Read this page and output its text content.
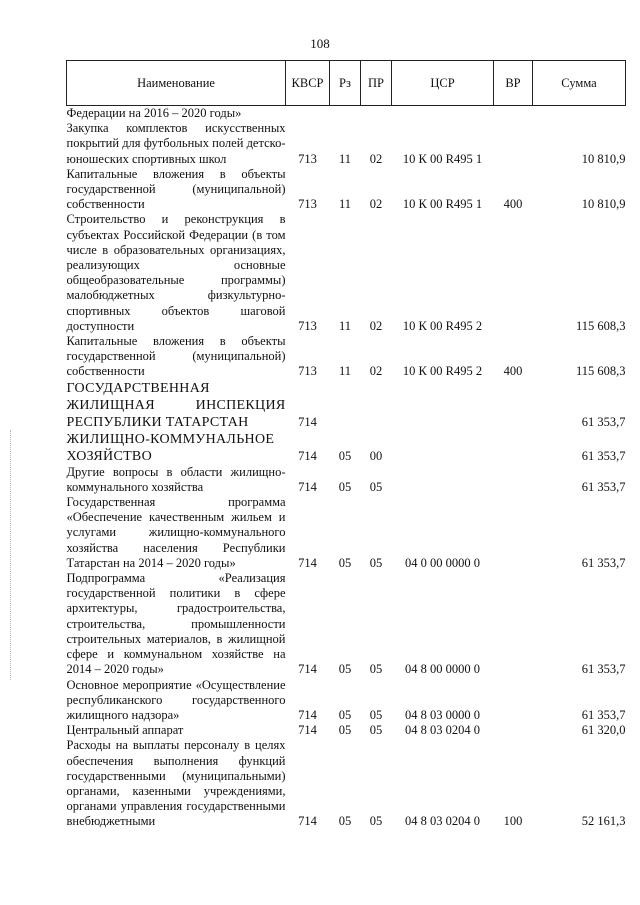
108
Наименование	КВСР	Рз	ПР	ЦСР	ВР	Сумма
Федерации на 2016 – 2020 годы»						
Закупка комплектов искусственных покрытий для футбольных полей детско-юношеских спортивных школ	713	11	02	10 К 00 R495 1		10 810,9
Капитальные вложения в объекты государственной (муниципальной) собственности	713	11	02	10 К 00 R495 1	400	10 810,9
Строительство и реконструкция в субъектах Российской Федерации (в том числе в образовательных организациях, реализующих основные общеобразовательные программы) малобюджетных физкультурно-спортивных объектов шаговой доступности	713	11	02	10 К 00 R495 2		115 608,3
Капитальные вложения в объекты государственной (муниципальной) собственности	713	11	02	10 К 00 R495 2	400	115 608,3
ГОСУДАРСТВЕННАЯ ЖИЛИЩНАЯ ИНСПЕКЦИЯ РЕСПУБЛИКИ ТАТАРСТАН	714					61 353,7
ЖИЛИЩНО-КОММУНАЛЬНОЕ ХОЗЯЙСТВО	714	05	00			61 353,7
Другие вопросы в области жилищно-коммунального хозяйства	714	05	05			61 353,7
Государственная программа «Обеспечение качественным жильем и услугами жилищно-коммунального хозяйства населения Республики Татарстан на 2014 – 2020 годы»	714	05	05	04 0 00 0000 0		61 353,7
Подпрограмма «Реализация государственной политики в сфере архитектуры, градостроительства, строительства, промышленности строительных материалов, в жилищной сфере и коммунальном хозяйстве на 2014 – 2020 годы»	714	05	05	04 8 00 0000 0		61 353,7
Основное мероприятие «Осуществление республиканского государственного жилищного надзора»	714	05	05	04 8 03 0000 0		61 353,7
Центральный аппарат	714	05	05	04 8 03 0204 0		61 320,0
Расходы на выплаты персоналу в целях обеспечения выполнения функций государственными (муниципальными) органами, казенными учреждениями, органами управления государственными внебюджетными	714	05	05	04 8 03 0204 0	100	52 161,3
